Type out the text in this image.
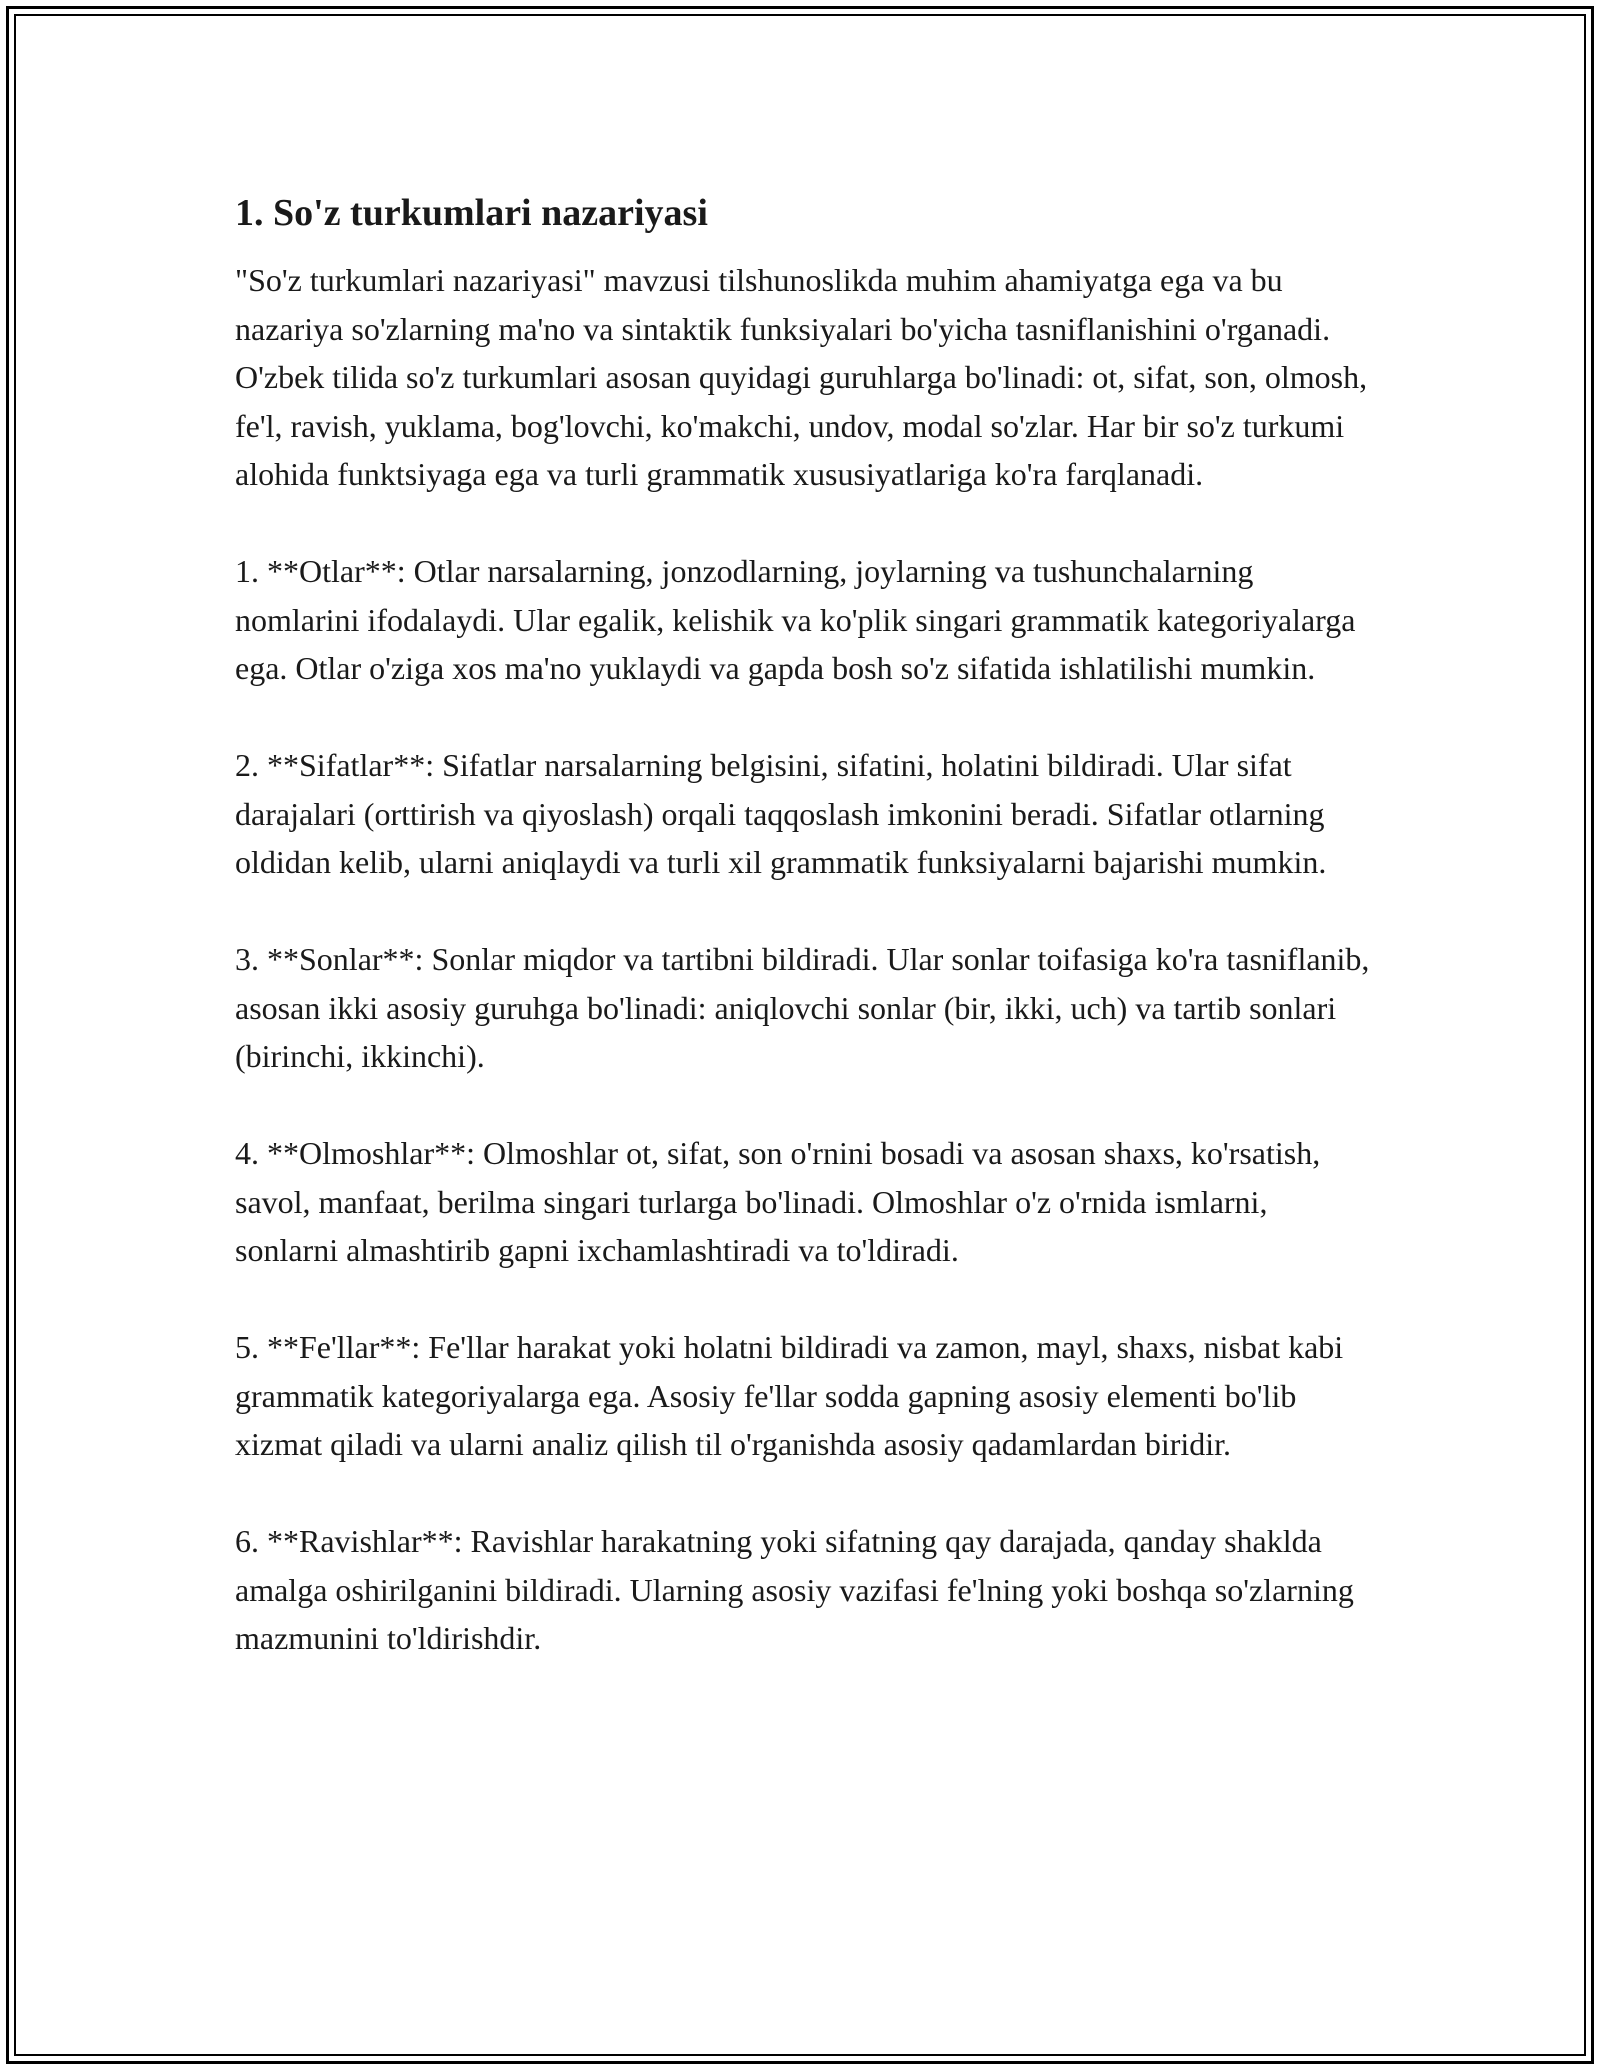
1. So'z turkumlari nazariyasi

"So'z turkumlari nazariyasi" mavzusi tilshunoslikda muhim ahamiyatga ega va bu nazariya so'zlarning ma'no va sintaktik funksiyalari bo'yicha tasniflanishini o'rganadi. O'zbek tilida so'z turkumlari asosan quyidagi guruhlarga bo'linadi: ot, sifat, son, olmosh, fe'l, ravish, yuklama, bog'lovchi, ko'makchi, undov, modal so'zlar. Har bir so'z turkumi alohida funktsiyaga ega va turli grammatik xususiyatlariga ko'ra farqlanadi.

1. **Otlar**: Otlar narsalarning, jonzodlarning, joylarning va tushunchalarning nomlarini ifodalaydi. Ular egalik, kelishik va ko'plik singari grammatik kategoriyalarga ega. Otlar o'ziga xos ma'no yuklaydi va gapda bosh so'z sifatida ishlatilishi mumkin.

2. **Sifatlar**: Sifatlar narsalarning belgisini, sifatini, holatini bildiradi. Ular sifat darajalari (orttirish va qiyoslash) orqali taqqoslash imkonini beradi. Sifatlar otlarning oldidan kelib, ularni aniqlaydi va turli xil grammatik funksiyalarni bajarishi mumkin.

3. **Sonlar**: Sonlar miqdor va tartibni bildiradi. Ular sonlar toifasiga ko'ra tasniflanib, asosan ikki asosiy guruhga bo'linadi: aniqlovchi sonlar (bir, ikki, uch) va tartib sonlari (birinchi, ikkinchi).

4. **Olmoshlar**: Olmoshlar ot, sifat, son o'rnini bosadi va asosan shaxs, ko'rsatish, savol, manfaat, berilma singari turlarga bo'linadi. Olmoshlar o'z o'rnida ismlarni, sonlarni almashtirib gapni ixchamlashtiradi va to'ldiradi.

5. **Fe'llar**: Fe'llar harakat yoki holatni bildiradi va zamon, mayl, shaxs, nisbat kabi grammatik kategoriyalarga ega. Asosiy fe'llar sodda gapning asosiy elementi bo'lib xizmat qiladi va ularni analiz qilish til o'rganishda asosiy qadamlardan biridir.

6. **Ravishlar**: Ravishlar harakatning yoki sifatning qay darajada, qanday shaklda amalga oshirilganini bildiradi. Ularning asosiy vazifasi fe'lning yoki boshqa so'zlarning mazmunini to'ldirishdir.
